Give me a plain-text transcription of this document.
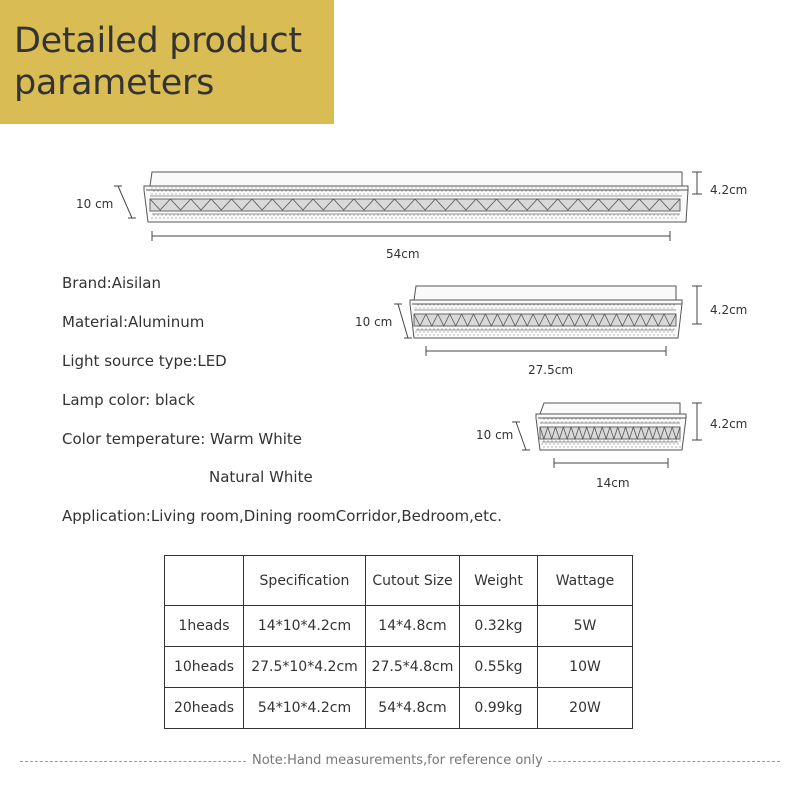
Detailed product
parameters
10 cm
4.2cm
54cm
10 cm
4.2cm
27.5cm
10 cm
4.2cm
14cm
Brand:Aisilan
Material:Aluminum
Light source type:LED
Lamp color: black
Color temperature: Warm White
Natural White
Application:Living room,Dining roomCorridor,Bedroom,etc.
	Specification	Cutout Size	Weight	Wattage
1heads	14*10*4.2cm	14*4.8cm	0.32kg	5W
10heads	27.5*10*4.2cm	27.5*4.8cm	0.55kg	10W
20heads	54*10*4.2cm	54*4.8cm	0.99kg	20W
Note:Hand measurements,for reference only
